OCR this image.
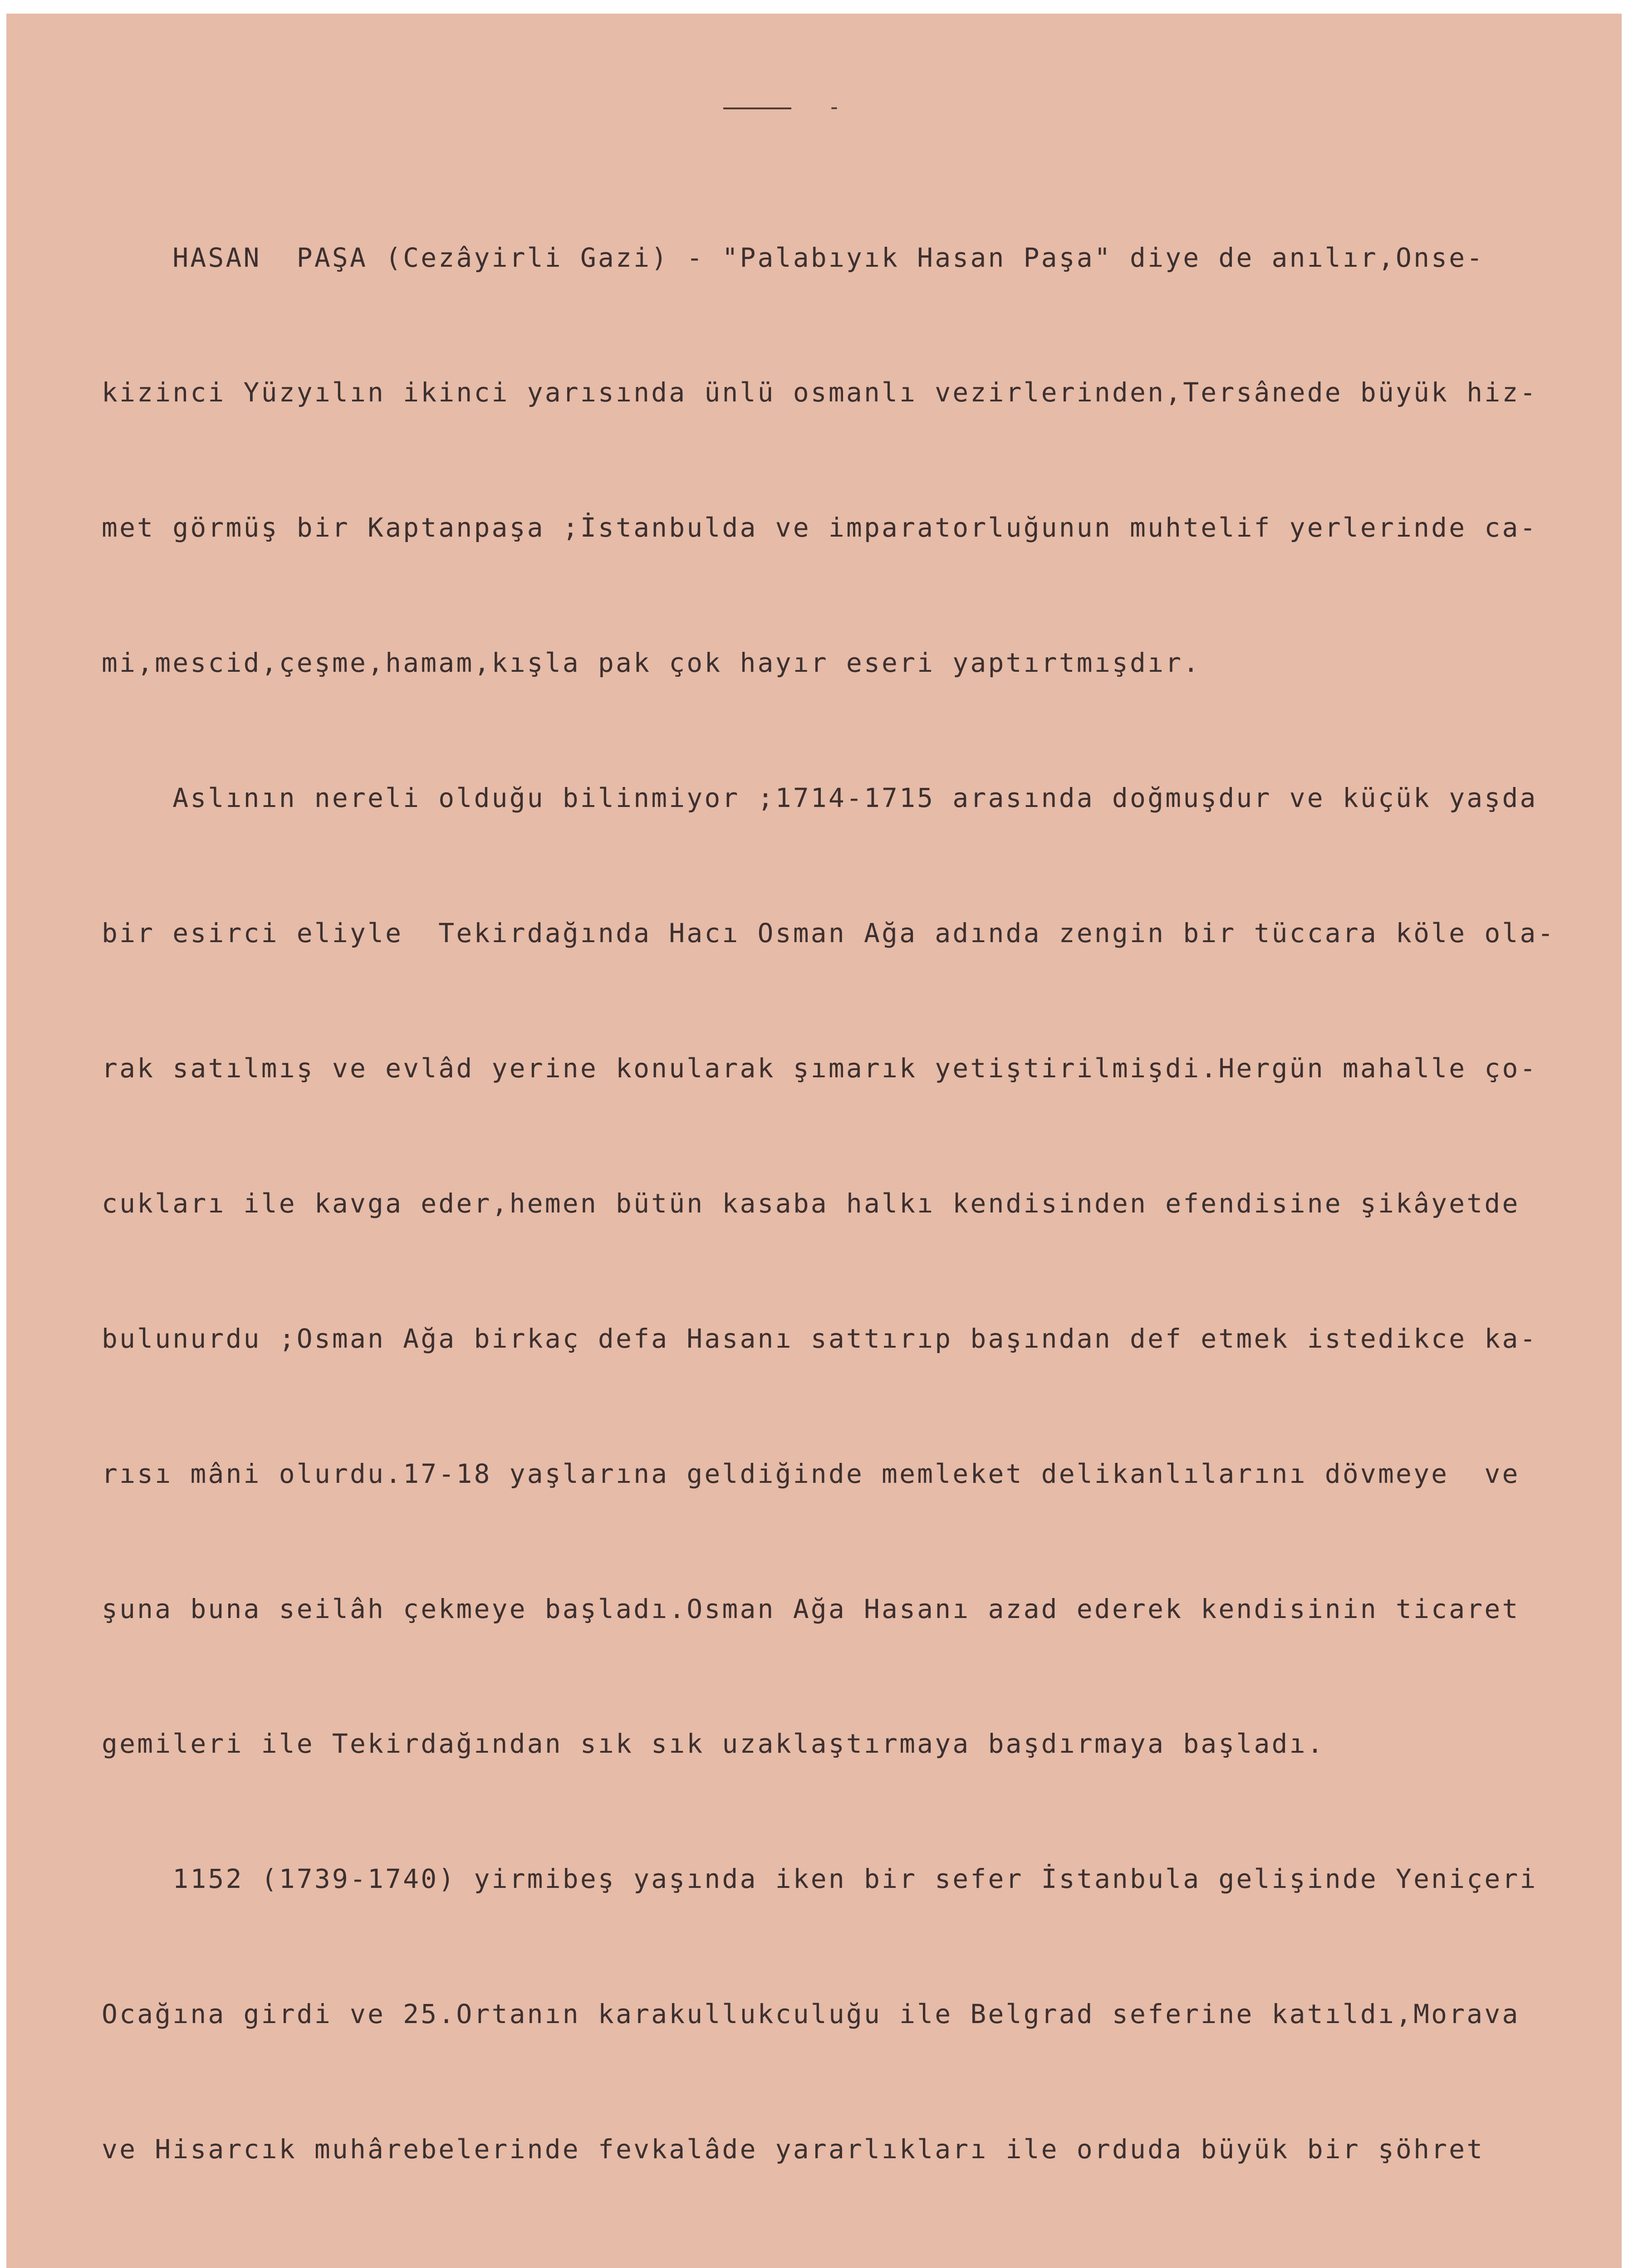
-

HASAN  PAŞA (Cezâyirli Gazi) - "Palabıyık Hasan Paşa" diye de anılır,Onse-

kizinci Yüzyılın ikinci yarısında ünlü osmanlı vezirlerinden,Tersânede büyük hiz-

met görmüş bir Kaptanpaşa ;İstanbulda ve imparatorluğunun muhtelif yerlerinde ca-

mi,mescid,çeşme,hamam,kışla pak çok hayır eseri yaptırtmışdır.

Aslının nereli olduğu bilinmiyor ;1714-1715 arasında doğmuşdur ve küçük yaşda

bir esirci eliyle  Tekirdağında Hacı Osman Ağa adında zengin bir tüccara köle ola-

rak satılmış ve evlâd yerine konularak şımarık yetiştirilmişdi.Hergün mahalle ço-

cukları ile kavga eder,hemen bütün kasaba halkı kendisinden efendisine şikâyetde

bulunurdu ;Osman Ağa birkaç defa Hasanı sattırıp başından def etmek istedikce ka-

rısı mâni olurdu.17-18 yaşlarına geldiğinde memleket delikanlılarını dövmeye  ve

şuna buna seilâh çekmeye başladı.Osman Ağa Hasanı azad ederek kendisinin ticaret

gemileri ile Tekirdağından sık sık uzaklaştırmaya başdırmaya başladı.

1152 (1739-1740) yirmibeş yaşında iken bir sefer İstanbula gelişinde Yeniçeri

Ocağına girdi ve 25.Ortanın karakullukculuğu ile Belgrad seferine katıldı,Morava

ve Hisarcık muhârebelerinde fevkalâde yararlıkları ile orduda büyük bir şöhret
